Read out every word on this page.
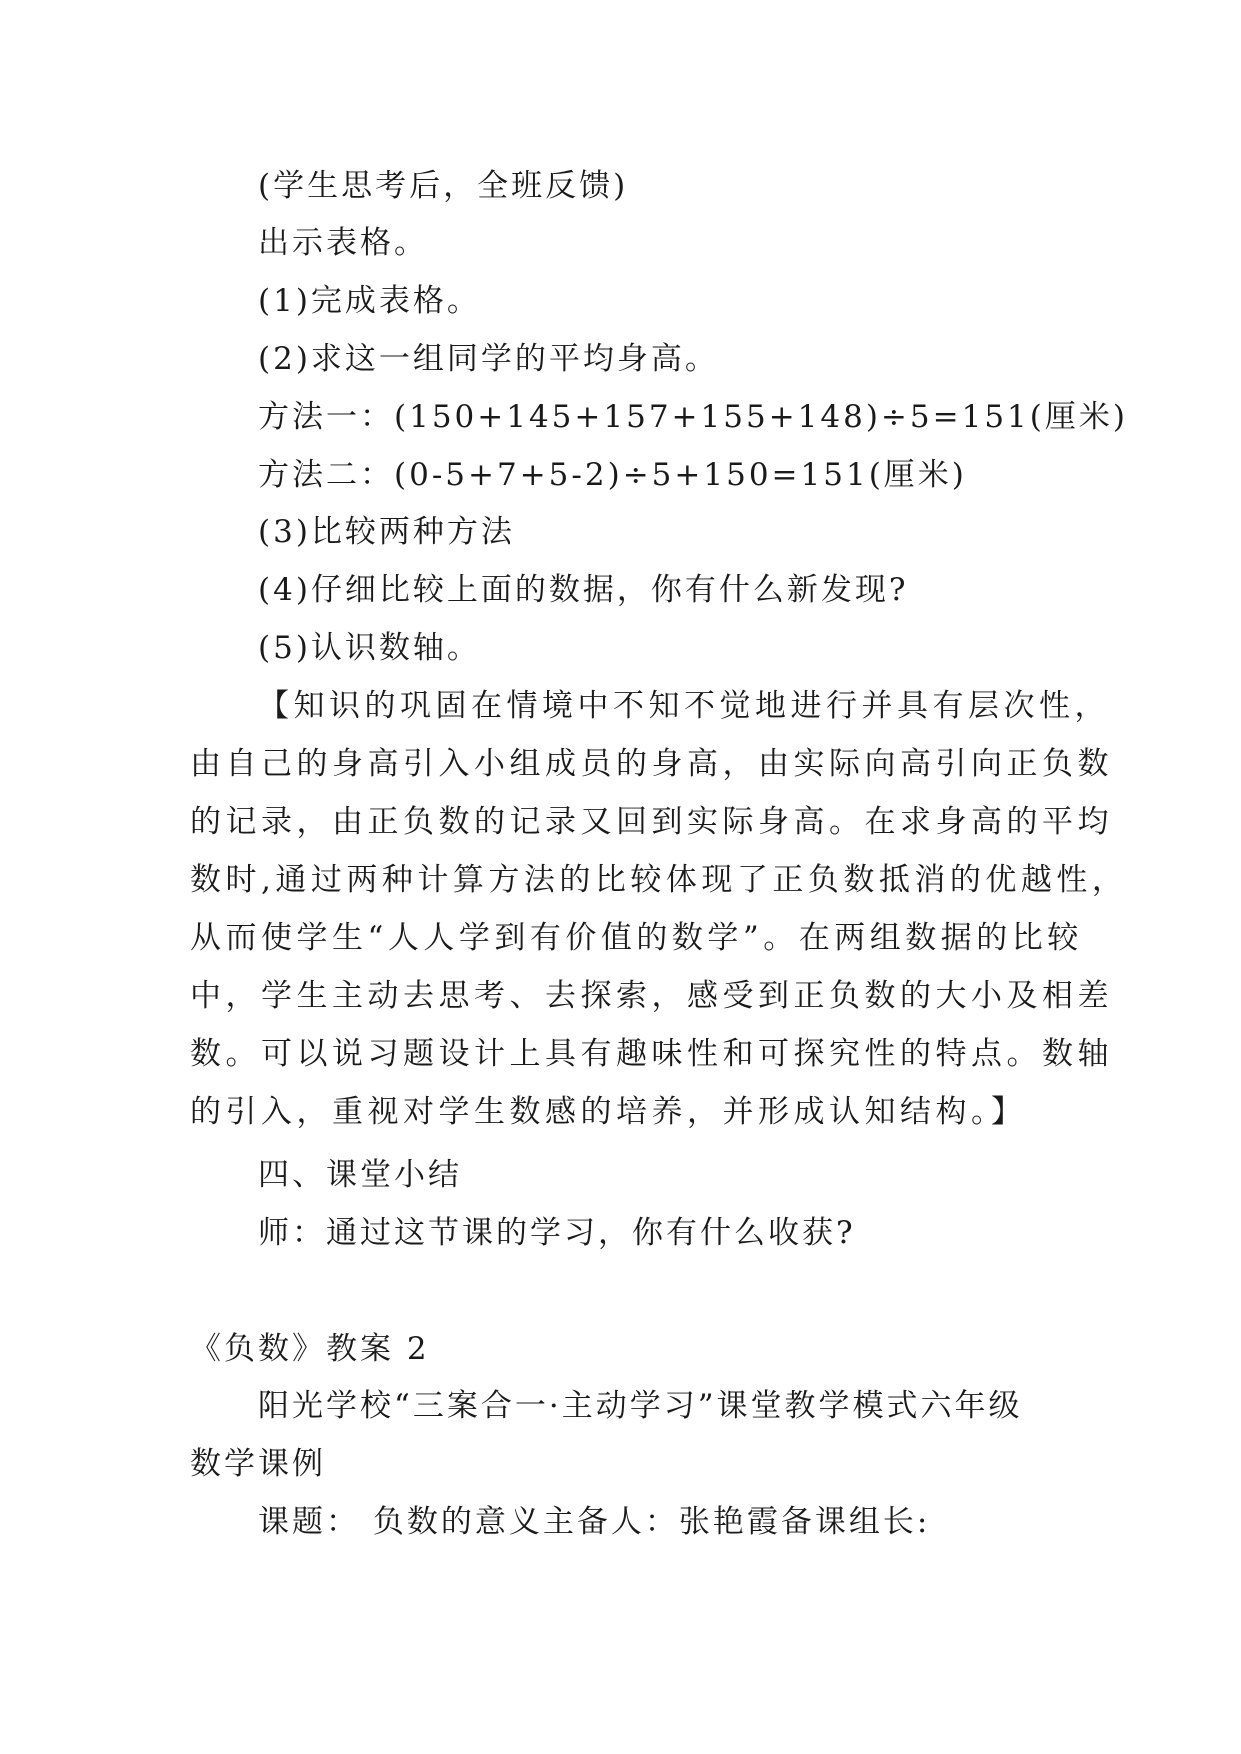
(学生思考后，全班反馈)
出示表格。
(1)完成表格。
(2)求这一组同学的平均身高。
方法一：(150+145+157+155+148)÷5=151(厘米)
方法二：(0-5+7+5-2)÷5+150=151(厘米)
(3)比较两种方法
(4)仔细比较上面的数据，你有什么新发现?
(5)认识数轴。
【知识的巩固在情境中不知不觉地进行并具有层次性，
由自己的身高引入小组成员的身高，由实际向高引向正负数
的记录，由正负数的记录又回到实际身高。在求身高的平均
数时,通过两种计算方法的比较体现了正负数抵消的优越性，
从而使学生“人人学到有价值的数学”。在两组数据的比较
中，学生主动去思考、去探索，感受到正负数的大小及相差
数。可以说习题设计上具有趣味性和可探究性的特点。数轴
的引入，重视对学生数感的培养，并形成认知结构。】
四、课堂小结
师：通过这节课的学习，你有什么收获?
《负数》教案 2
阳光学校“三案合一·主动学习”课堂教学模式六年级
数学课例
课题： 负数的意义主备人：张艳霞备课组长:
